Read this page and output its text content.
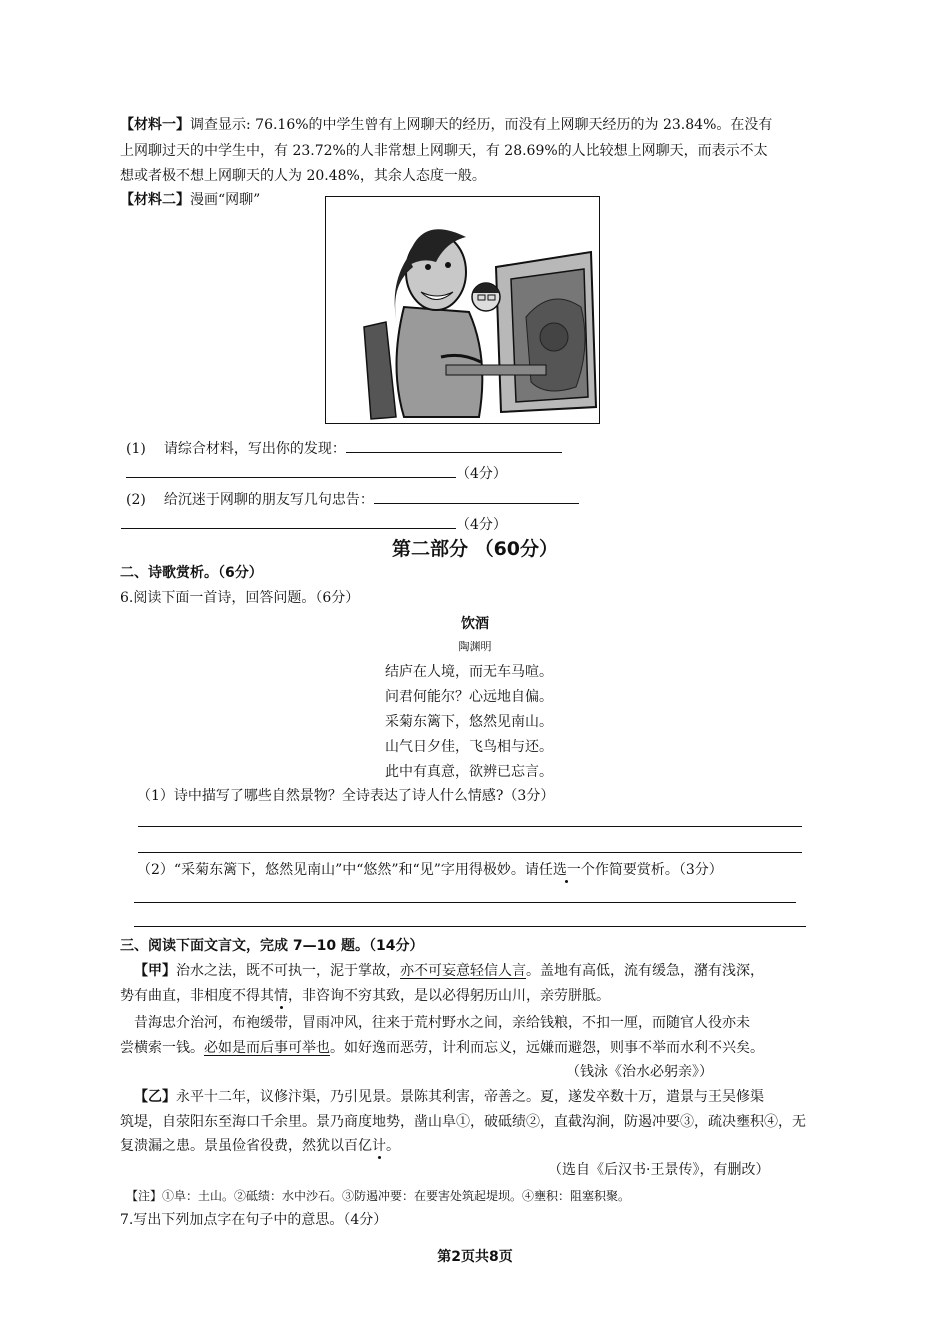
【材料一】调查显示: 76.16%的中学生曾有上网聊天的经历，而没有上网聊天经历的为 23.84%。在没有
上网聊过天的中学生中，有 23.72%的人非常想上网聊天，有 28.69%的人比较想上网聊天，而表示不太
想或者极不想上网聊天的人为 20.48%，其余人态度一般。
【材料二】漫画“网聊”
(1) 请综合材料，写出你的发现：
（4分）
(2) 给沉迷于网聊的朋友写几句忠告：
（4分）
第二部分 （60分）
二、诗歌赏析。（6分）
6.阅读下面一首诗，回答问题。（6分）
饮酒
陶渊明
结庐在人境，而无车马喧。
问君何能尔？心远地自偏。
采菊东篱下，悠然见南山。
山气日夕佳，飞鸟相与还。
此中有真意，欲辨已忘言。
（1）诗中描写了哪些自然景物？全诗表达了诗人什么情感?（3分）
（2）“采菊东篱下，悠然见南山”中“悠然”和“见”字用得极妙。请任选一个作简要赏析。（3分）
三、阅读下面文言文，完成 7—10 题。（14分）
【甲】治水之法，既不可执一，泥于掌故，亦不可妄意轻信人言。盖地有高低，流有缓急，潴有浅深，
势有曲直，非相度不得其情，非咨询不穷其致，是以必得躬历山川，亲劳胼胝。
昔海忠介治河，布袍缓带，冒雨冲风，往来于荒村野水之间，亲给钱粮，不扣一厘，而随官人役亦未
尝横索一钱。必如是而后事可举也。如好逸而恶劳，计利而忘义，远嫌而避怨，则事不举而水利不兴矣。
（钱泳《治水必躬亲》）
【乙】永平十二年，议修汴渠，乃引见景。景陈其利害，帝善之。夏，遂发卒数十万，遣景与王吴修渠
筑堤，自荥阳东至海口千余里。景乃商度地势，凿山阜①，破砥绩②，直截沟涧，防遏冲要③，疏决壅积④，无
复溃漏之患。景虽俭省役费，然犹以百亿计。
（选自《后汉书·王景传》，有删改）
【注】①阜：土山。②砥绩：水中沙石。③防遏冲要：在要害处筑起堤坝。④壅积：阻塞积聚。
7.写出下列加点字在句子中的意思。（4分）
第2页共8页
